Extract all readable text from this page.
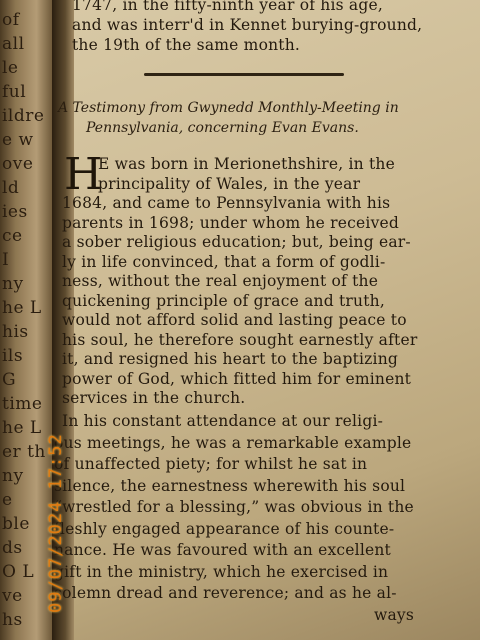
of
all
le
ful
ildre
e w
ove
ld
ies
ce
I
ny
he L
his
ils
G
time
he L
er th
ny
e
ble
ds
O L
ve
hs
1747, in the fifty-ninth year of his age,
and was interr'd in Kennet burying-ground,
the 19th of the same month.
A Testimony from Gwynedd Monthly-Meeting in
Pennsylvania, concerning Evan Evans.
H
E was born in Merionethshire, in the
principality of Wales, in the year
1684, and came to Pennsylvania with his
parents in 1698; under whom he received
a sober religious education; but, being ear-
ly in life convinced, that a form of godli-
ness, without the real enjoyment of the
quickening principle of grace and truth,
would not afford solid and lasting peace to
his soul, he therefore sought earnestly after
it, and resigned his heart to the baptizing
power of God, which fitted him for eminent
services in the church.
In his constant attendance at our religi-
ous meetings, he was a remarkable example
of unaffected piety; for whilst he sat in
silence, the earnestness wherewith his soul
“wrestled for a blessing,” was obvious in the
fleshly engaged appearance of his counte-
nance. He was favoured with an excellent
gift in the ministry, which he exercised in
solemn dread and reverence; and as he al-
ways
09/07/2024 17:52
